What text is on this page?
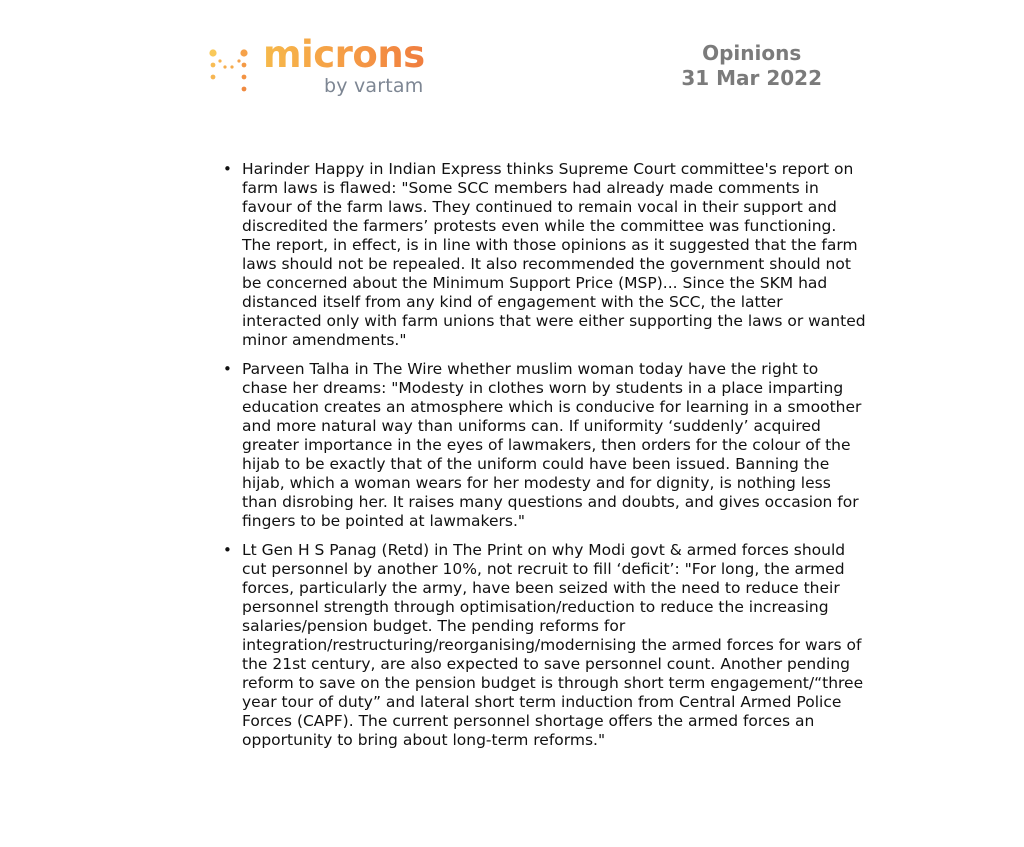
microns
by vartam
Opinions
31 Mar 2022
• Harinder Happy in Indian Express thinks Supreme Court committee's report on farm laws is flawed: "Some SCC members had already made comments in favour of the farm laws. They continued to remain vocal in their support and discredited the farmers’ protests even while the committee was functioning. The report, in effect, is in line with those opinions as it suggested that the farm laws should not be repealed. It also recommended the government should not be concerned about the Minimum Support Price (MSP)... Since the SKM had distanced itself from any kind of engagement with the SCC, the latter interacted only with farm unions that were either supporting the laws or wanted minor amendments."
• Parveen Talha in The Wire whether muslim woman today have the right to chase her dreams: "Modesty in clothes worn by students in a place imparting education creates an atmosphere which is conducive for learning in a smoother and more natural way than uniforms can. If uniformity ‘suddenly’ acquired greater importance in the eyes of lawmakers, then orders for the colour of the hijab to be exactly that of the uniform could have been issued. Banning the hijab, which a woman wears for her modesty and for dignity, is nothing less than disrobing her. It raises many questions and doubts, and gives occasion for fingers to be pointed at lawmakers."
• Lt Gen H S Panag (Retd) in The Print on why Modi govt & armed forces should cut personnel by another 10%, not recruit to fill ‘deficit’: "For long, the armed forces, particularly the army, have been seized with the need to reduce their personnel strength through optimisation/reduction to reduce the increasing salaries/pension budget. The pending reforms for integration/restructuring/reorganising/modernising the armed forces for wars of the 21st century, are also expected to save personnel count. Another pending reform to save on the pension budget is through short term engagement/“three year tour of duty” and lateral short term induction from Central Armed Police Forces (CAPF). The current personnel shortage offers the armed forces an opportunity to bring about long-term reforms."
